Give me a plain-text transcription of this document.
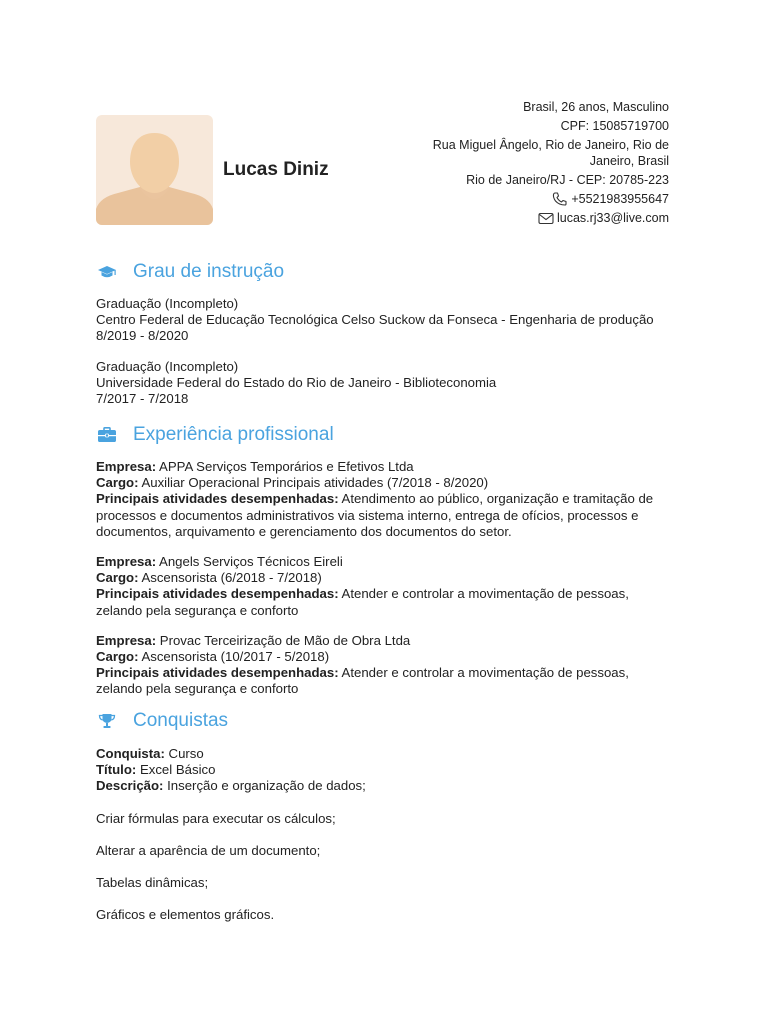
Lucas Diniz
Brasil, 26 anos, Masculino
CPF: 15085719700
Rua Miguel Ângelo, Rio de Janeiro, Rio de Janeiro, Brasil
Rio de Janeiro/RJ - CEP: 20785-223
+5521983955647
lucas.rj33@live.com
Grau de instrução
Graduação (Incompleto)
Centro Federal de Educação Tecnológica Celso Suckow da Fonseca - Engenharia de produção
8/2019 - 8/2020
Graduação (Incompleto)
Universidade Federal do Estado do Rio de Janeiro - Biblioteconomia
7/2017 - 7/2018
Experiência profissional
Empresa: APPA Serviços Temporários e Efetivos Ltda
Cargo: Auxiliar Operacional Principais atividades (7/2018 - 8/2020)
Principais atividades desempenhadas: Atendimento ao público, organização e tramitação de processos e documentos administrativos via sistema interno, entrega de ofícios, processos e documentos, arquivamento e gerenciamento dos documentos do setor.
Empresa: Angels Serviços Técnicos Eireli
Cargo: Ascensorista (6/2018 - 7/2018)
Principais atividades desempenhadas: Atender e controlar a movimentação de pessoas, zelando pela segurança e conforto
Empresa: Provac Terceirização de Mão de Obra Ltda
Cargo: Ascensorista (10/2017 - 5/2018)
Principais atividades desempenhadas: Atender e controlar a movimentação de pessoas, zelando pela segurança e conforto
Conquistas
Conquista: Curso
Título: Excel Básico
Descrição: Inserção e organização de dados;
Criar fórmulas para executar os cálculos;
Alterar a aparência de um documento;
Tabelas dinâmicas;
Gráficos e elementos gráficos.
